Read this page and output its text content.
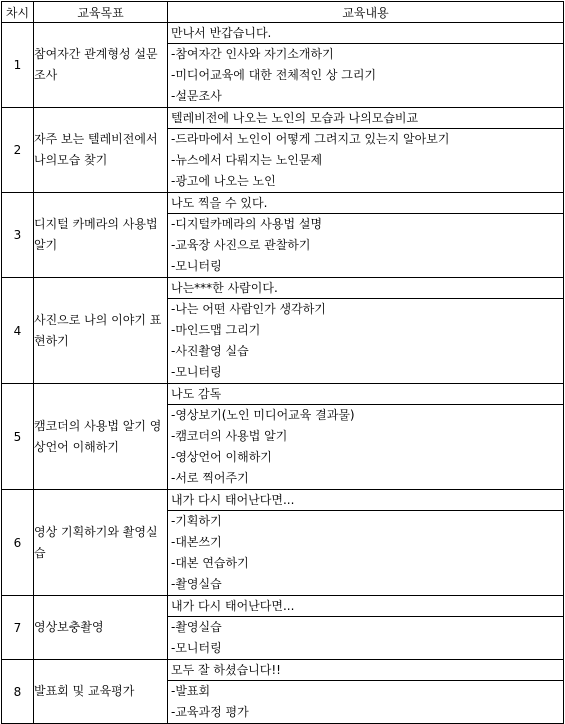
차시	교육목표	교육내용
1	참여자간 관계형성 설문조사	만나서 반갑습니다.
-참여자간 인사와 자기소개하기
-미디어교육에 대한 전체적인 상 그리기
-설문조사

2	자주 보는 텔레비전에서 나의모습 찾기	텔레비전에 나오는 노인의 모습과 나의모습비교
-드라마에서 노인이 어떻게 그려지고 있는지 알아보기
-뉴스에서 다뤄지는 노인문제
-광고에 나오는 노인

3	디지털 카메라의 사용법 알기	나도 찍을 수 있다.
-디지털카메라의 사용법 설명
-교육장 사진으로 관찰하기
-모니터링

4	사진으로 나의 이야기 표현하기	나는***한 사람이다.
-나는 어떤 사람인가 생각하기
-마인드맵 그리기
-사진촬영 실습
-모니터링

5	캠코더의 사용법 알기 영상언어 이해하기	나도 감독
-영상보기(노인 미디어교육 결과물)
-캠코더의 사용법 알기
-영상언어 이해하기
-서로 찍어주기

6	영상 기획하기와 촬영실습	내가 다시 태어난다면...
-기획하기
-대본쓰기
-대본 연습하기
-촬영실습

7	영상보충촬영	내가 다시 태어난다면...
-촬영실습
-모니터링

8	발표회 및 교육평가	모두 잘 하셨습니다!!
-발표회
-교육과정 평가
